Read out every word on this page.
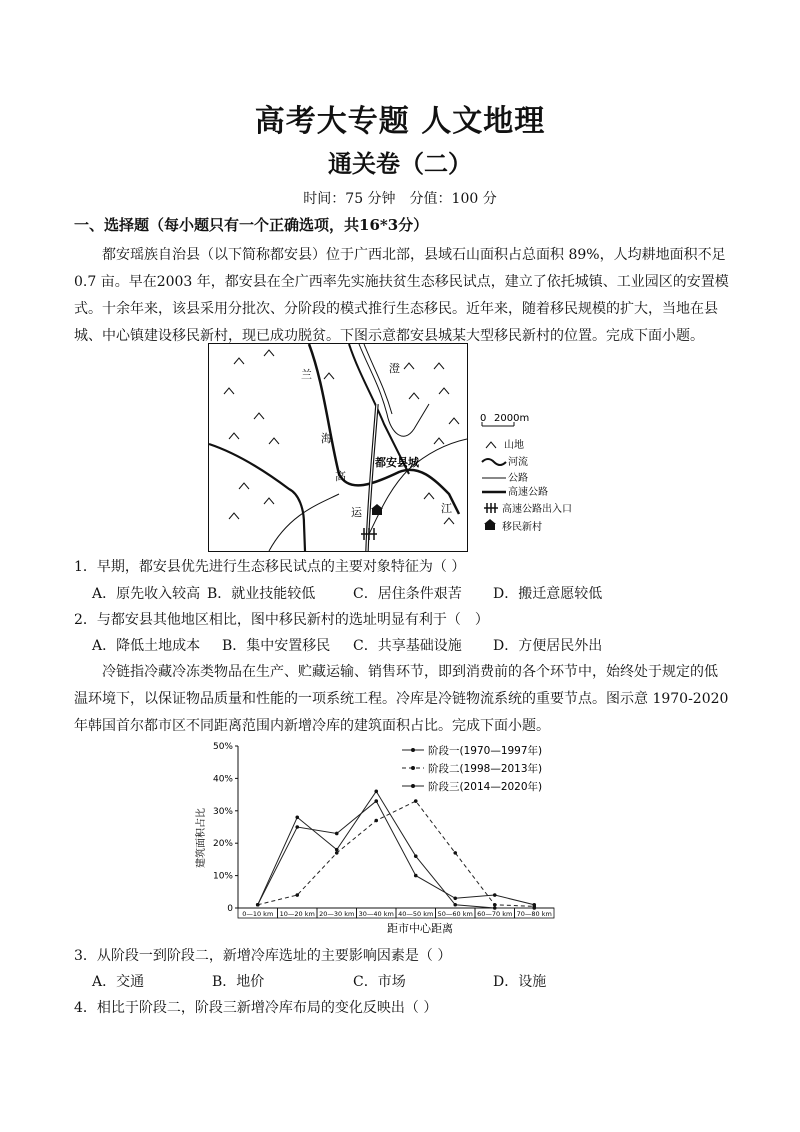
高考大专题 人文地理
通关卷（二）
时间：75 分钟　分值：100 分
一、选择题（每小题只有一个正确选项，共16*3分）
都安瑶族自治县（以下简称都安县）位于广西北部，县域石山面积占总面积 89%，人均耕地面积不足
0.7 亩。早在2003 年，都安县在全广西率先实施扶贫生态移民试点，建立了依托城镇、工业园区的安置模
式。十余年来，该县采用分批次、分阶段的模式推行生态移民。近年来，随着移民规模的扩大，当地在县
城、中心镇建设移民新村，现已成功脱贫。下图示意都安县城某大型移民新村的位置。完成下面小题。
兰	澄
海
高
运	江
都安县城
0 2000m
山地
河流
公路
高速公路
高速公路出入口
移民新村
1．早期，都安县优先进行生态移民试点的主要对象特征为（ ）
A．原先收入较高 B．就业技能较低	C．居住条件艰苦 D．搬迁意愿较低
2．与都安县其他地区相比，图中移民新村的选址明显有利于（　）
A．降低土地成本 B．集中安置移民 C．共享基础设施 D．方便居民外出
冷链指冷藏冷冻类物品在生产、贮藏运输、销售环节，即到消费前的各个环节中，始终处于规定的低
温环境下，以保证物品质量和性能的一项系统工程。冷库是冷链物流系统的重要节点。图示意 1970-2020
年韩国首尔都市区不同距离范围内新增冷库的建筑面积占比。完成下面小题。
建筑面积占比
距市中心距离
0
10%
20%
30%
40%
50%
0—10 km 10—20 km 20—30 km 30—40 km 40—50 km 50—60 km 60—70 km 70—80 km
阶段一(1970—1997年)
阶段二(1998—2013年)
阶段三(2014—2020年)
3．从阶段一到阶段二，新增冷库选址的主要影响因素是（ ）
A．交通	B．地价	C．市场	D．设施
4．相比于阶段二，阶段三新增冷库布局的变化反映出（ ）
